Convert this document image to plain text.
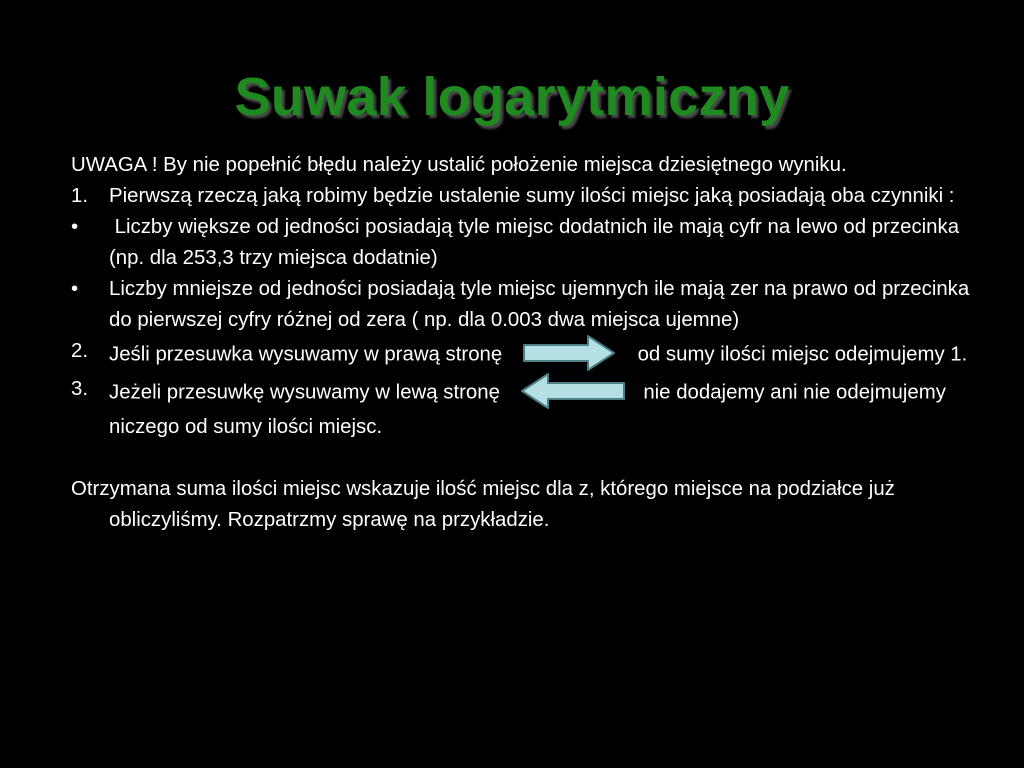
Suwak logarytmiczny

UWAGA ! By nie popełnić błędu należy ustalić położenie miejsca dziesiętnego wyniku.

1.	Pierwszą rzeczą jaką robimy będzie ustalenie sumy ilości miejsc jaką posiadają oba czynniki :
•	Liczby większe od jedności posiadają tyle miejsc dodatnich ile mają cyfr na lewo od przecinka (np. dla 253,3 trzy miejsca dodatnie)
•	Liczby mniejsze od jedności posiadają tyle miejsc ujemnych ile mają zer na prawo od przecinka do pierwszej cyfry różnej od zera ( np. dla 0.003 dwa miejsca ujemne)
2.	Jeśli przesuwka wysuwamy w prawą stronę	od sumy ilości miejsc odejmujemy 1.
3.	Jeżeli przesuwkę wysuwamy w lewą stronę	nie dodajemy ani nie odejmujemy niczego od sumy ilości miejsc.

Otrzymana suma ilości miejsc wskazuje ilość miejsc dla z, którego miejsce na podziałce już obliczyliśmy. Rozpatrzmy sprawę na przykładzie.
